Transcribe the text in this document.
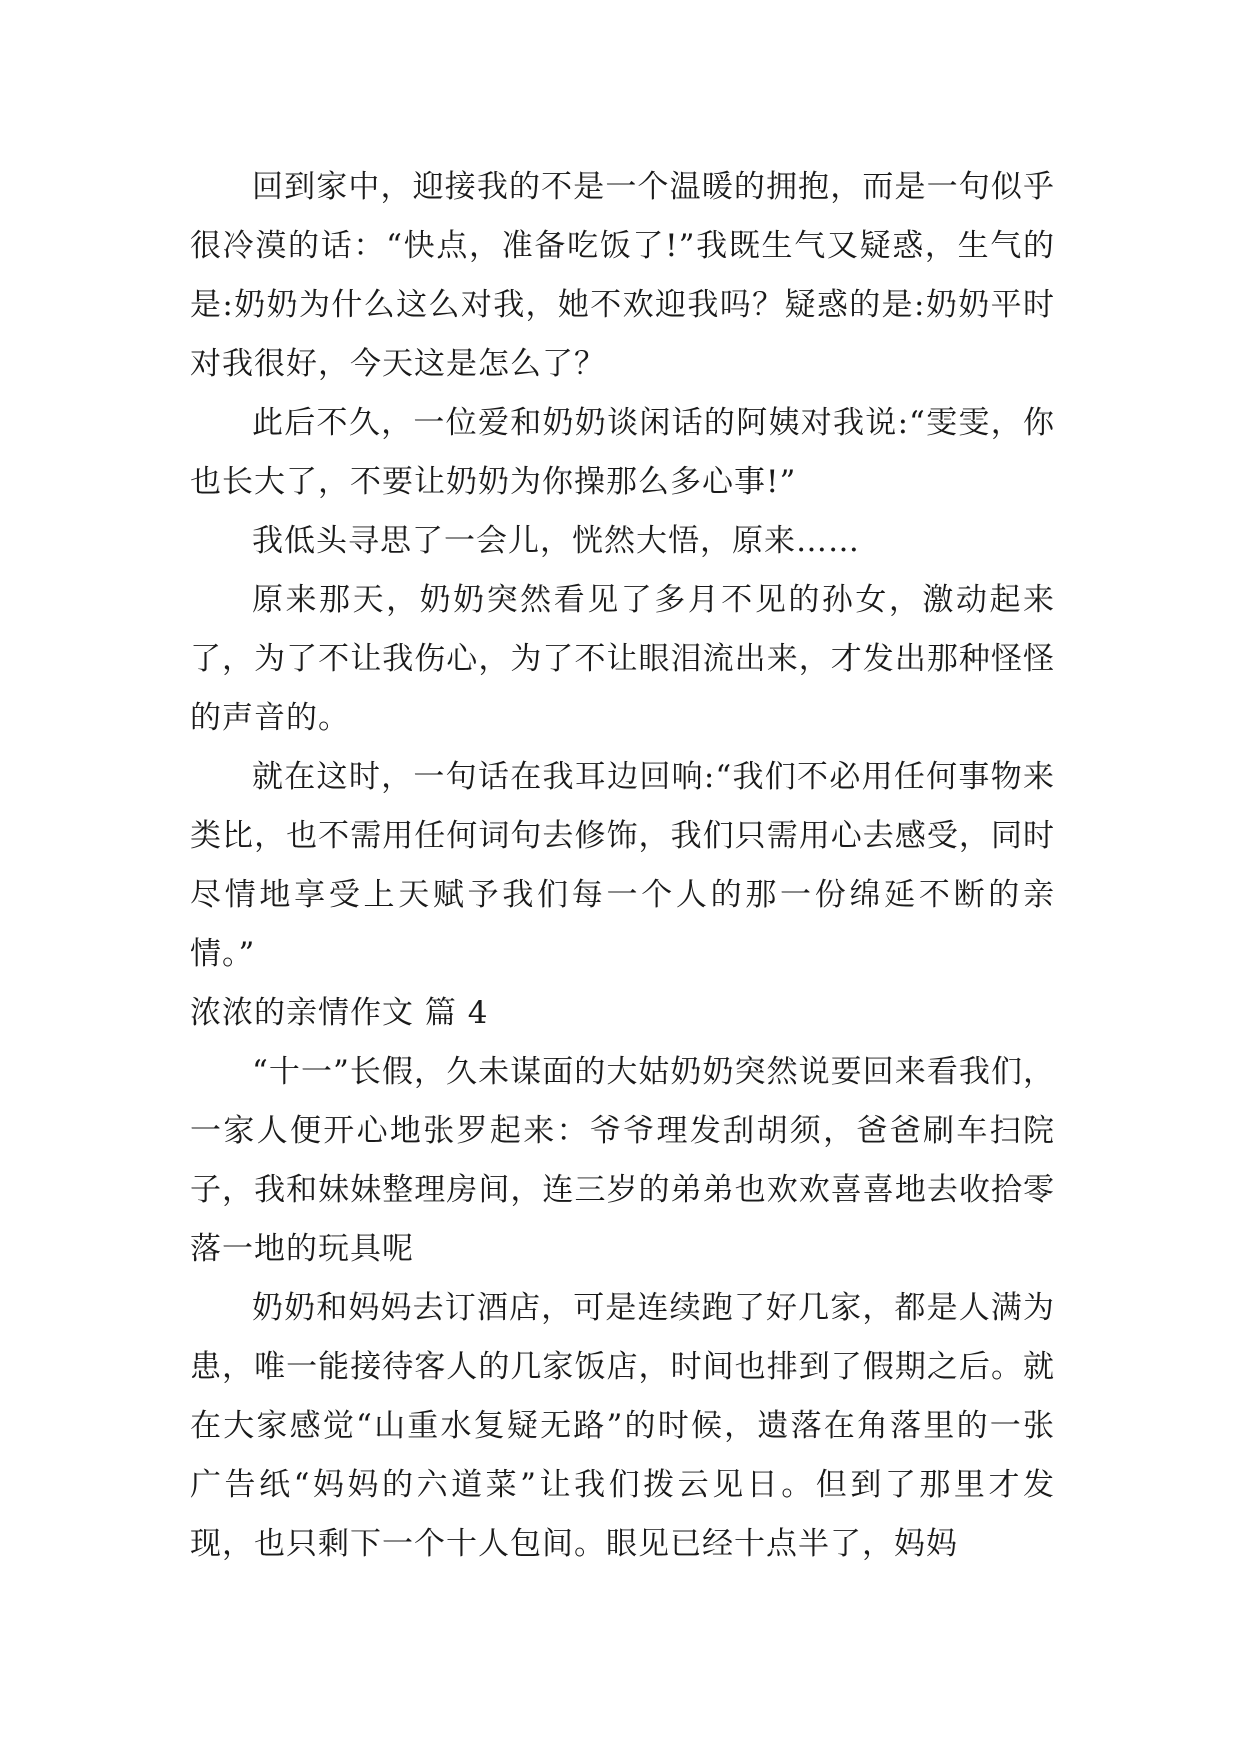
回到家中，迎接我的不是一个温暖的拥抱，而是一句似乎很冷漠的话：“快点，准备吃饭了!”我既生气又疑惑，生气的是:奶奶为什么这么对我，她不欢迎我吗？疑惑的是:奶奶平时对我很好，今天这是怎么了？

此后不久，一位爱和奶奶谈闲话的阿姨对我说:“雯雯，你也长大了，不要让奶奶为你操那么多心事!”

我低头寻思了一会儿，恍然大悟，原来……

原来那天，奶奶突然看见了多月不见的孙女，激动起来了，为了不让我伤心，为了不让眼泪流出来，才发出那种怪怪的声音的。

就在这时，一句话在我耳边回响:“我们不必用任何事物来类比，也不需用任何词句去修饰，我们只需用心去感受，同时尽情地享受上天赋予我们每一个人的那一份绵延不断的亲情。”

浓浓的亲情作文 篇 4

“十一”长假，久未谋面的大姑奶奶突然说要回来看我们，一家人便开心地张罗起来：爷爷理发刮胡须，爸爸刷车扫院子，我和妹妹整理房间，连三岁的弟弟也欢欢喜喜地去收拾零落一地的玩具呢

奶奶和妈妈去订酒店，可是连续跑了好几家，都是人满为患，唯一能接待客人的几家饭店，时间也排到了假期之后。就在大家感觉“山重水复疑无路”的时候，遗落在角落里的一张广告纸“妈妈的六道菜”让我们拨云见日。但到了那里才发现，也只剩下一个十人包间。眼见已经十点半了，妈妈
